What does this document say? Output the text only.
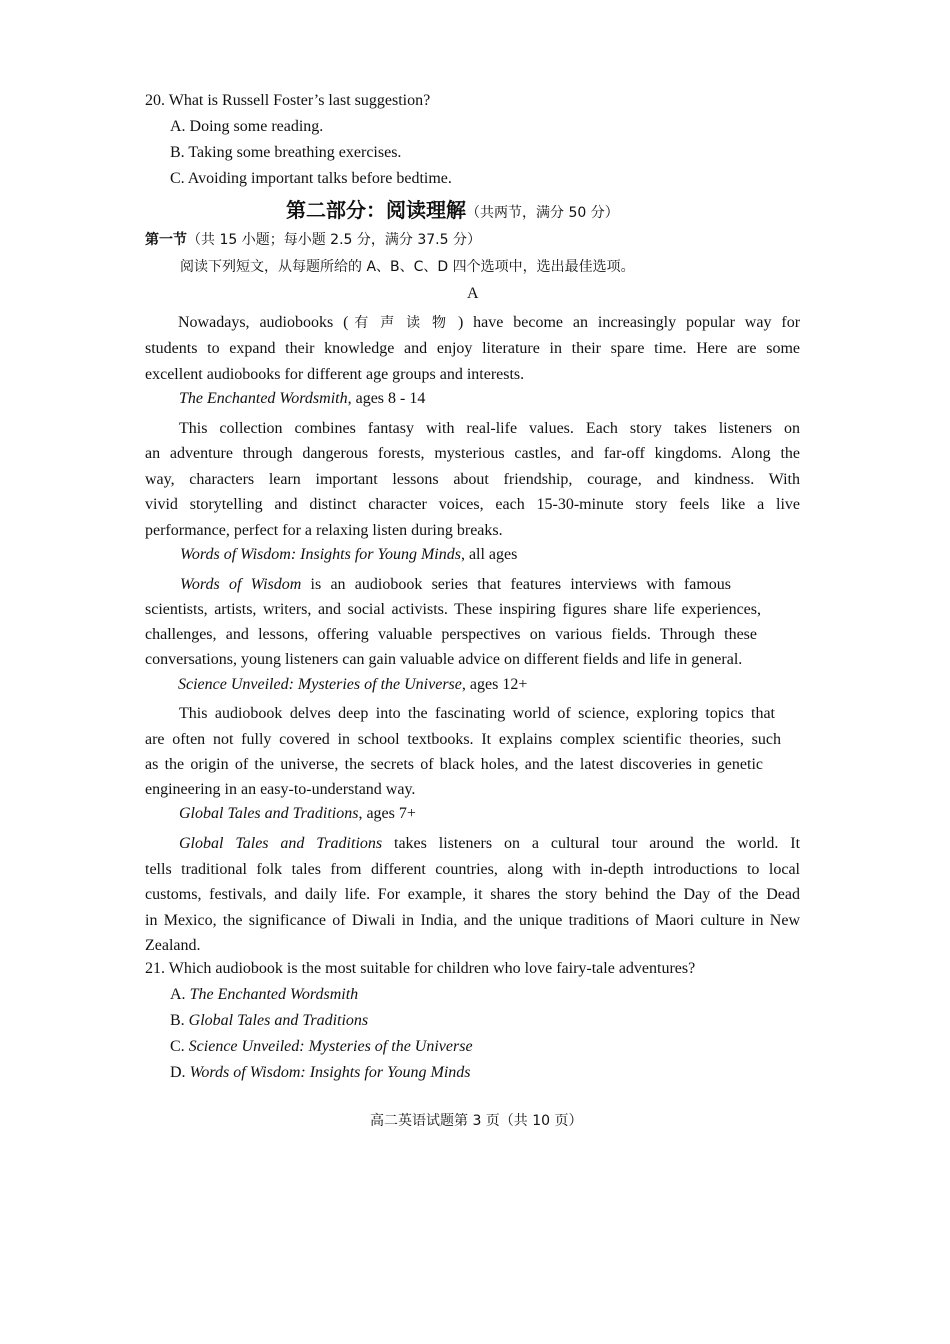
20. What is Russell Foster’s last suggestion?
A. Doing some reading.
B. Taking some breathing exercises.
C. Avoiding important talks before bedtime.
第二部分：阅读理解（共两节，满分 50 分）
第一节（共 15 小题；每小题 2.5 分，满分 37.5 分）
阅读下列短文，从每题所给的 A、B、C、D 四个选项中，选出最佳选项。
A
Nowadays, audiobooks (有声读物) have become an increasingly popular way for
students to expand their knowledge and enjoy literature in their spare time. Here are some
excellent audiobooks for different age groups and interests.
The Enchanted Wordsmith, ages 8 - 14
This collection combines fantasy with real-life values. Each story takes listeners on
an adventure through dangerous forests, mysterious castles, and far-off kingdoms. Along the
way, characters learn important lessons about friendship, courage, and kindness. With
vivid storytelling and distinct character voices, each 15-30-minute story feels like a live
performance, perfect for a relaxing listen during breaks.
Words of Wisdom: Insights for Young Minds, all ages
Words of Wisdom is an audiobook series that features interviews with famous
scientists, artists, writers, and social activists. These inspiring figures share life experiences,
challenges, and lessons, offering valuable perspectives on various fields. Through these
conversations, young listeners can gain valuable advice on different fields and life in general.
Science Unveiled: Mysteries of the Universe, ages 12+
This audiobook delves deep into the fascinating world of science, exploring topics that
are often not fully covered in school textbooks. It explains complex scientific theories, such
as the origin of the universe, the secrets of black holes, and the latest discoveries in genetic
engineering in an easy-to-understand way.
Global Tales and Traditions, ages 7+
Global Tales and Traditions takes listeners on a cultural tour around the world. It
tells traditional folk tales from different countries, along with in-depth introductions to local
customs, festivals, and daily life. For example, it shares the story behind the Day of the Dead
in Mexico, the significance of Diwali in India, and the unique traditions of Maori culture in New
Zealand.
21. Which audiobook is the most suitable for children who love fairy-tale adventures?
A. The Enchanted Wordsmith
B. Global Tales and Traditions
C. Science Unveiled: Mysteries of the Universe
D. Words of Wisdom: Insights for Young Minds
高二英语试题第 3 页（共 10 页）
